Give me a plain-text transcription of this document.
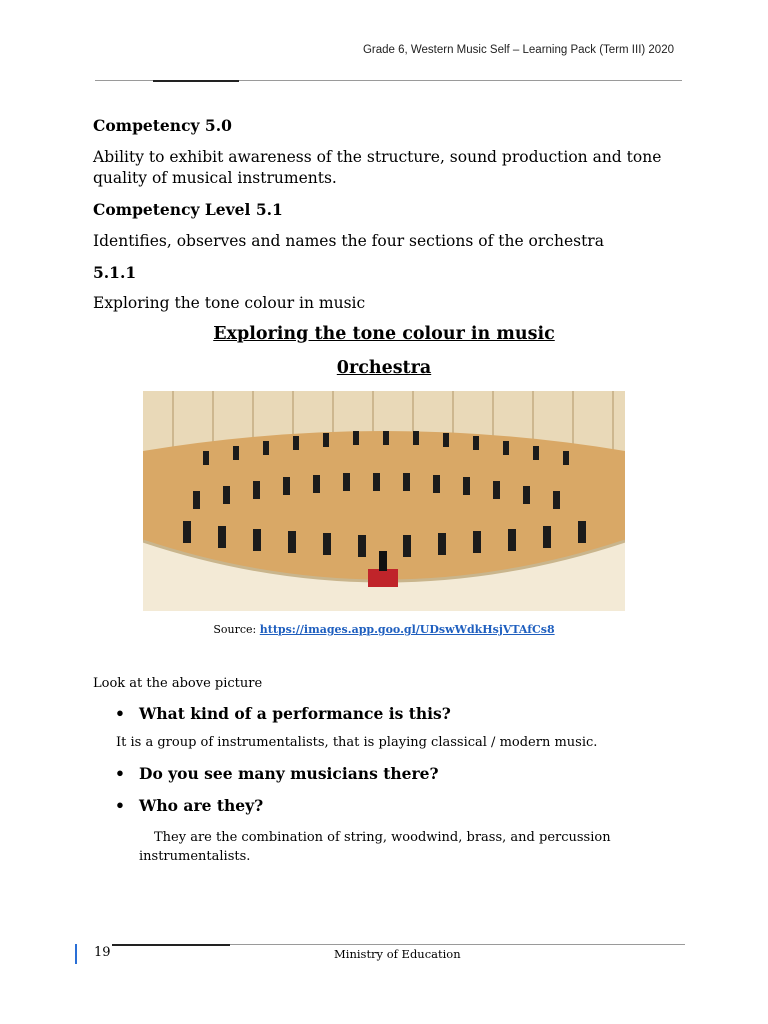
Grade 6, Western Music Self – Learning Pack (Term III) 2020
Competency 5.0
Ability to exhibit awareness of the structure, sound production and tone quality of musical instruments.
Competency Level 5.1
Identifies, observes and names the four sections of the orchestra
5.1.1
Exploring the tone colour in music
Exploring the tone colour in music
0rchestra
Source: https://images.app.goo.gl/UDswWdkHsjVTAfCs8
Look at the above picture
• What kind of a performance is this?
It is a group of instrumentalists, that is playing classical / modern music.
• Do you see many musicians there?
• Who are they?
They are the combination of string, woodwind, brass, and percussion instrumentalists.
19	Ministry of Education
